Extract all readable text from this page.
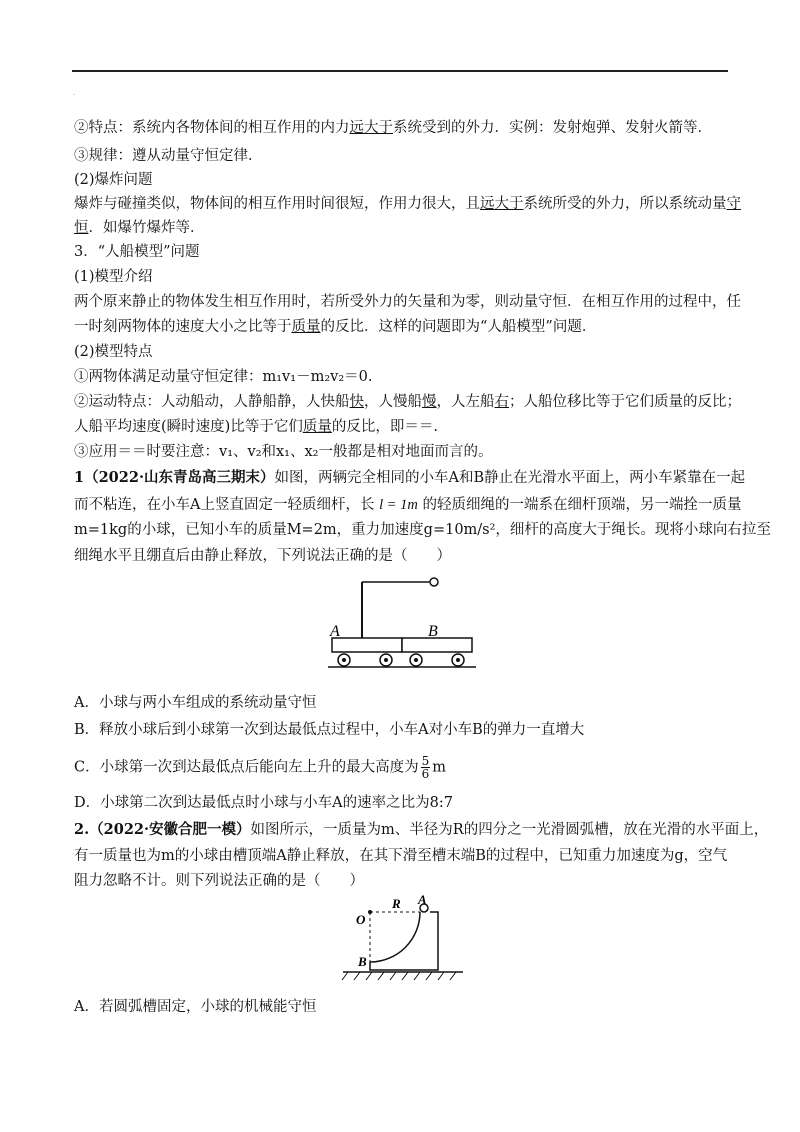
.
②特点：系统内各物体间的相互作用的内力远大于系统受到的外力．实例：发射炮弹、发射火箭等．
③规律：遵从动量守恒定律．
(2)爆炸问题
爆炸与碰撞类似，物体间的相互作用时间很短，作用力很大，且远大于系统所受的外力，所以系统动量守
恒．如爆竹爆炸等．
3．“人船模型”问题
(1)模型介绍
两个原来静止的物体发生相互作用时，若所受外力的矢量和为零，则动量守恒．在相互作用的过程中，任
一时刻两物体的速度大小之比等于质量的反比．这样的问题即为“人船模型”问题．
(2)模型特点
①两物体满足动量守恒定律：m₁v₁－m₂v₂＝0.
②运动特点：人动船动，人静船静，人快船快，人慢船慢，人左船右；人船位移比等于它们质量的反比；
人船平均速度(瞬时速度)比等于它们质量的反比，即＝＝.
③应用＝＝时要注意：v₁、v₂和x₁、x₂一般都是相对地面而言的。
1（2022·山东青岛高三期末）如图，两辆完全相同的小车A和B静止在光滑水平面上，两小车紧靠在一起
而不粘连，在小车A上竖直固定一轻质细杆，长 l = 1m 的轻质细绳的一端系在细杆顶端，另一端拴一质量
m=1kg的小球，已知小车的质量M=2m，重力加速度g=10m/s²，细杆的高度大于绳长。现将小球向右拉至
细绳水平且绷直后由静止释放，下列说法正确的是（　　）
A	B
A．小球与两小车组成的系统动量守恒
B．释放小球后到小球第一次到达最低点过程中，小车A对小车B的弹力一直增大
C．小球第一次到达最低点后能向左上升的最大高度为 $\frac{5}{6}$ m
D．小球第二次到达最低点时小球与小车A的速率之比为8:7
2.（2022·安徽合肥一模）如图所示，一质量为m、半径为R的四分之一光滑圆弧槽，放在光滑的水平面上，
有一质量也为m的小球由槽顶端A静止释放，在其下滑至槽末端B的过程中，已知重力加速度为g，空气
阻力忽略不计。则下列说法正确的是（　　）
O
R A
B
A．若圆弧槽固定，小球的机械能守恒
